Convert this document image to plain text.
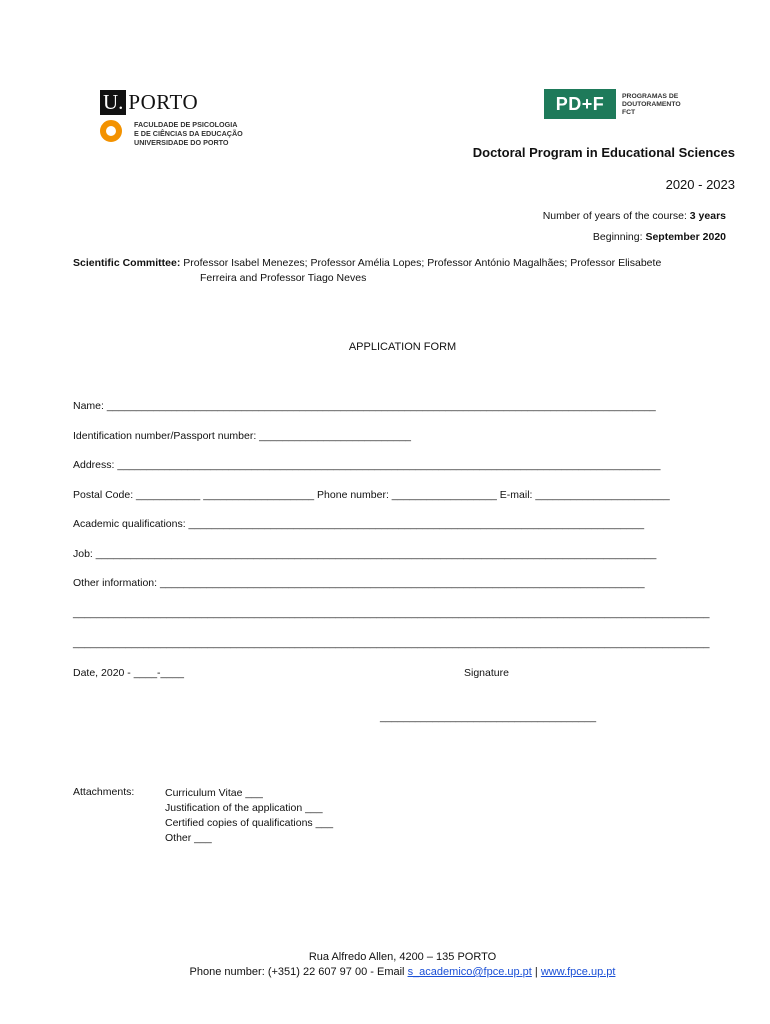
U. PORTO
FACULDADE DE PSICOLOGIA
E DE CIÊNCIAS DA EDUCAÇÃO
UNIVERSIDADE DO PORTO
PD+F	PROGRAMAS DE
DOUTORAMENTO
FCT
Doctoral Program in Educational Sciences
2020 - 2023
Number of years of the course: 3 years
Beginning: September 2020
Scientific Committee: Professor Isabel Menezes; Professor Amélia Lopes; Professor António Magalhães; Professor Elisabete
Ferreira and Professor Tiago Neves
APPLICATION FORM
Name: ______________________________________________________________________________________________
Identification number/Passport number: __________________________
Address: _____________________________________________________________________________________________
Postal Code: ___________ ___________________ Phone number: __________________ E-mail: _______________________
Academic qualifications: ______________________________________________________________________________
Job: ________________________________________________________________________________________________
Other information: ___________________________________________________________________________________
_____________________________________________________________________________________________________________
_____________________________________________________________________________________________________________
Date, 2020 - ____-____	Signature
_____________________________________
Attachments:	Curriculum Vitae ___
Justification of the application ___
Certified copies of qualifications ___
Other ___
Rua Alfredo Allen, 4200 – 135 PORTO
Phone number: (+351) 22 607 97 00 - Email s_academico@fpce.up.pt | www.fpce.up.pt
